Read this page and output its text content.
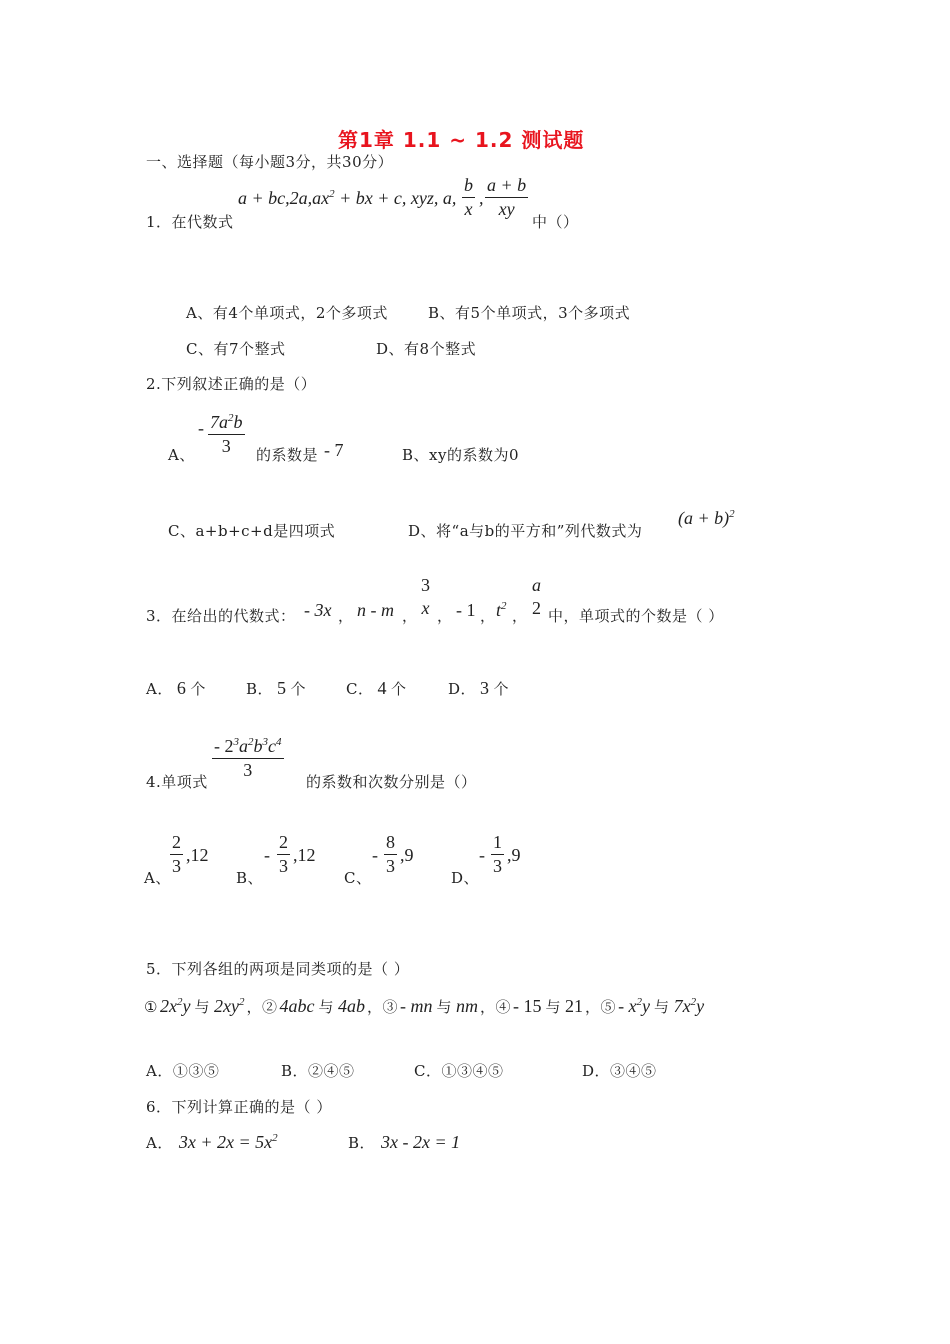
第1章 1.1 ~ 1.2 测试题
一、选择题（每小题3分，共30分）
1．在代数式
$a + bc,2a,ax^2$ + bx + c, xyz, a,
b
x
,
a + b
xy
中（）
A、有4个单项式，2个多项式	B、有5个单项式，3个多项式
C、有7个整式	D、有8个整式
2.下列叙述正确的是（）
A、
- $7a^2b$
3 的系数是 - 7	B、xy的系数为0
C、a+b+c+d是四项式	D、将“a与b的平方和”列代数式为
$(a + b)^2$
3．在给出的代数式： - 3x ， n - m ，
3
x ， - 1 ， $t^2$
，
a
2 中，单项式的个数是（ ）
A． 6 个	B． 5 个	C． 4 个	D． 3 个
4.单项式
- $2^3a^2b^3c^4$
3
的系数和次数分别是（）
A、
2
3
,12
B、
-
2
3
,12
C、
-
8
3
,9
D、
-
1
3
,9
5．下列各组的两项是同类项的是（ ）
① $2x^2y$ 与 $2xy^2$ ，② 4abc 与 4ab ，③ - mn 与 nm ，④ - 15 与 21 ，⑤ - $x^2y$ 与 $7x^2y$
A．①③⑤	B．②④⑤	C．①③④⑤	D．③④⑤
6．下列计算正确的是（ ）
A． $3x + 2x = 5x^2$	B． 3x - 2x = 1
